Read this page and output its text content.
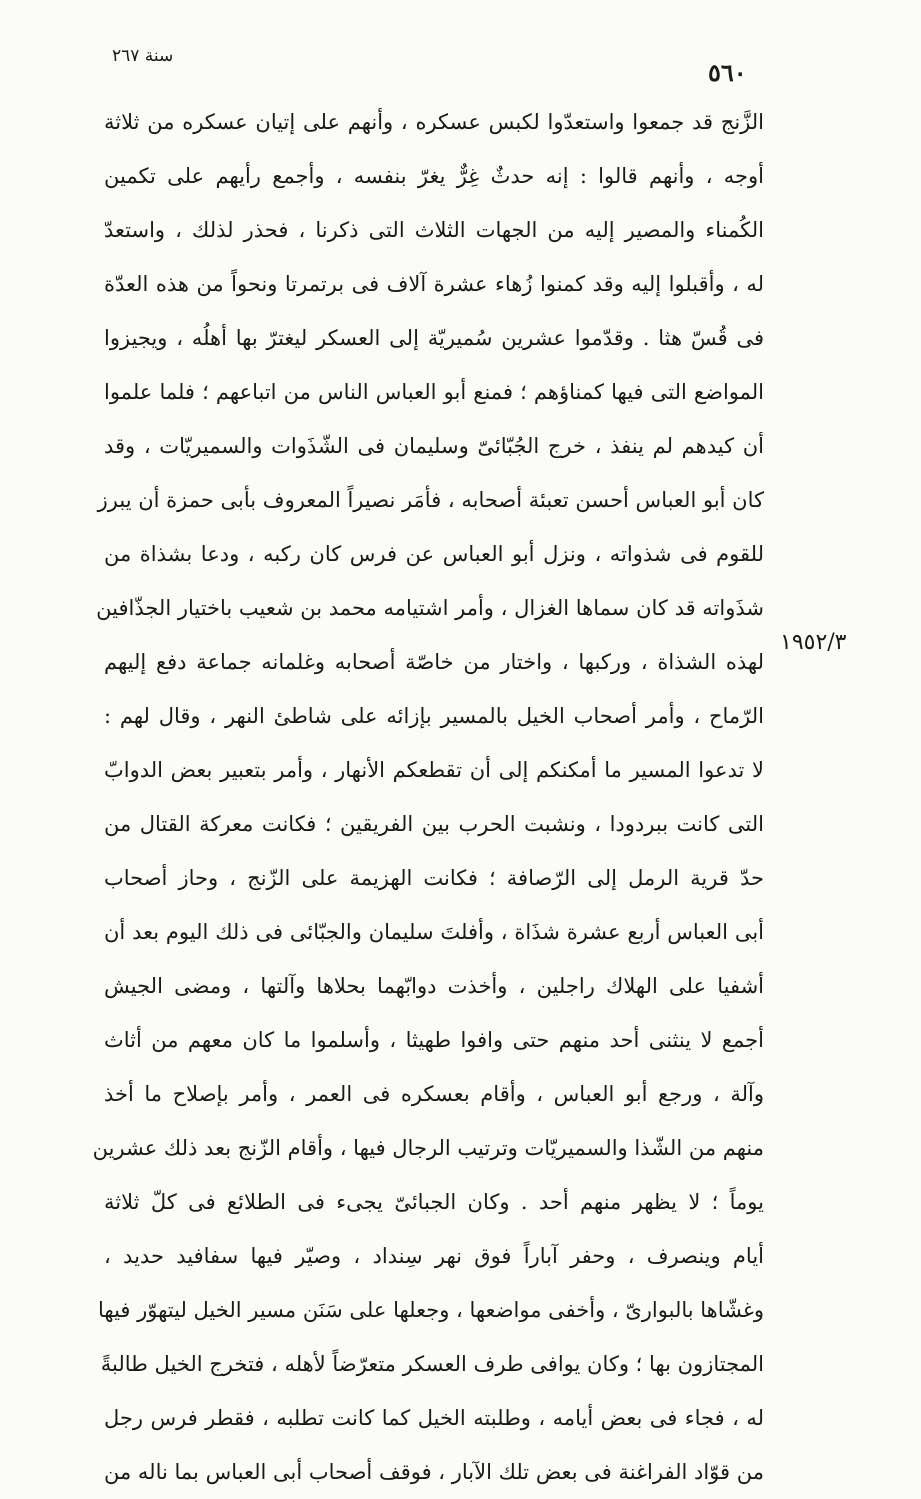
سنة ٢٦٧
٥٦٠
١٩٥٢/٣
الزَّنج قد جمعوا واستعدّوا لكبس عسكره ، وأنهم على إتيان عسكره من ثلاثة
أوجه ، وأنهم قالوا : إنه حدثٌ غِرٌّ يغرّ بنفسه ، وأجمع رأيهم على تكمين
الكُمناء والمصير إليه من الجهات الثلاث التى ذكرنا ، فحذر لذلك ، واستعدّ
له ، وأقبلوا إليه وقد كمنوا زُهاء عشرة آلاف فى برتمرتا ونحواً من هذه العدّة
فى قُسّ هثا . وقدّموا عشرين سُميريّة إلى العسكر ليغترّ بها أهلُه ، ويجيزوا
المواضع التى فيها كمناؤهم ؛ فمنع أبو العباس الناس من اتباعهم ؛ فلما علموا
أن كيدهم لم ينفذ ، خرج الجُبّائىّ وسليمان فى الشّذَوات والسميريّات ، وقد
كان أبو العباس أحسن تعبئة أصحابه ، فأمَر نصيراً المعروف بأبى حمزة أن يبرز
للقوم فى شذواته ، ونزل أبو العباس عن فرس كان ركبه ، ودعا بشذاة من
شذَواته قد كان سماها الغزال ، وأمر اشتيامه محمد بن شعيب باختيار الجذّافين
لهذه الشذاة ، وركبها ، واختار من خاصّة أصحابه وغلمانه جماعة دفع إليهم
الرّماح ، وأمر أصحاب الخيل بالمسير بإزائه على شاطئ النهر ، وقال لهم :
لا تدعوا المسير ما أمكنكم إلى أن تقطعكم الأنهار ، وأمر بتعبير بعض الدوابّ
التى كانت ببردودا ، ونشبت الحرب بين الفريقين ؛ فكانت معركة القتال من
حدّ قرية الرمل إلى الرّصافة ؛ فكانت الهزيمة على الزّنج ، وحاز أصحاب
أبى العباس أربع عشرة شذَاة ، وأفلتَ سليمان والجبّائى فى ذلك اليوم بعد أن
أشفيا على الهلاك راجلين ، وأخذت دوابّهما بحلاها وآلتها ، ومضى الجيش
أجمع لا ينثنى أحد منهم حتى وافوا طهيثا ، وأسلموا ما كان معهم من أثاث
وآلة ، ورجع أبو العباس ، وأقام بعسكره فى العمر ، وأمر بإصلاح ما أخذ
منهم من الشّذا والسميريّات وترتيب الرجال فيها ، وأقام الزّنج بعد ذلك عشرين
يوماً ؛ لا يظهر منهم أحد . وكان الجبائىّ يجىء فى الطلائع فى كلّ ثلاثة
أيام وينصرف ، وحفر آباراً فوق نهر سِنداد ، وصيّر فيها سفافيد حديد ،
وغشّاها بالبوارىّ ، وأخفى مواضعها ، وجعلها على سَنَن مسير الخيل ليتهوّر فيها
المجتازون بها ؛ وكان يوافى طرف العسكر متعرّضاً لأهله ، فتخرج الخيل طالبةً
له ، فجاء فى بعض أيامه ، وطلبته الخيل كما كانت تطلبه ، فقطر فرس رجل
من قوّاد الفراغنة فى بعض تلك الآبار ، فوقف أصحاب أبى العباس بما ناله من
